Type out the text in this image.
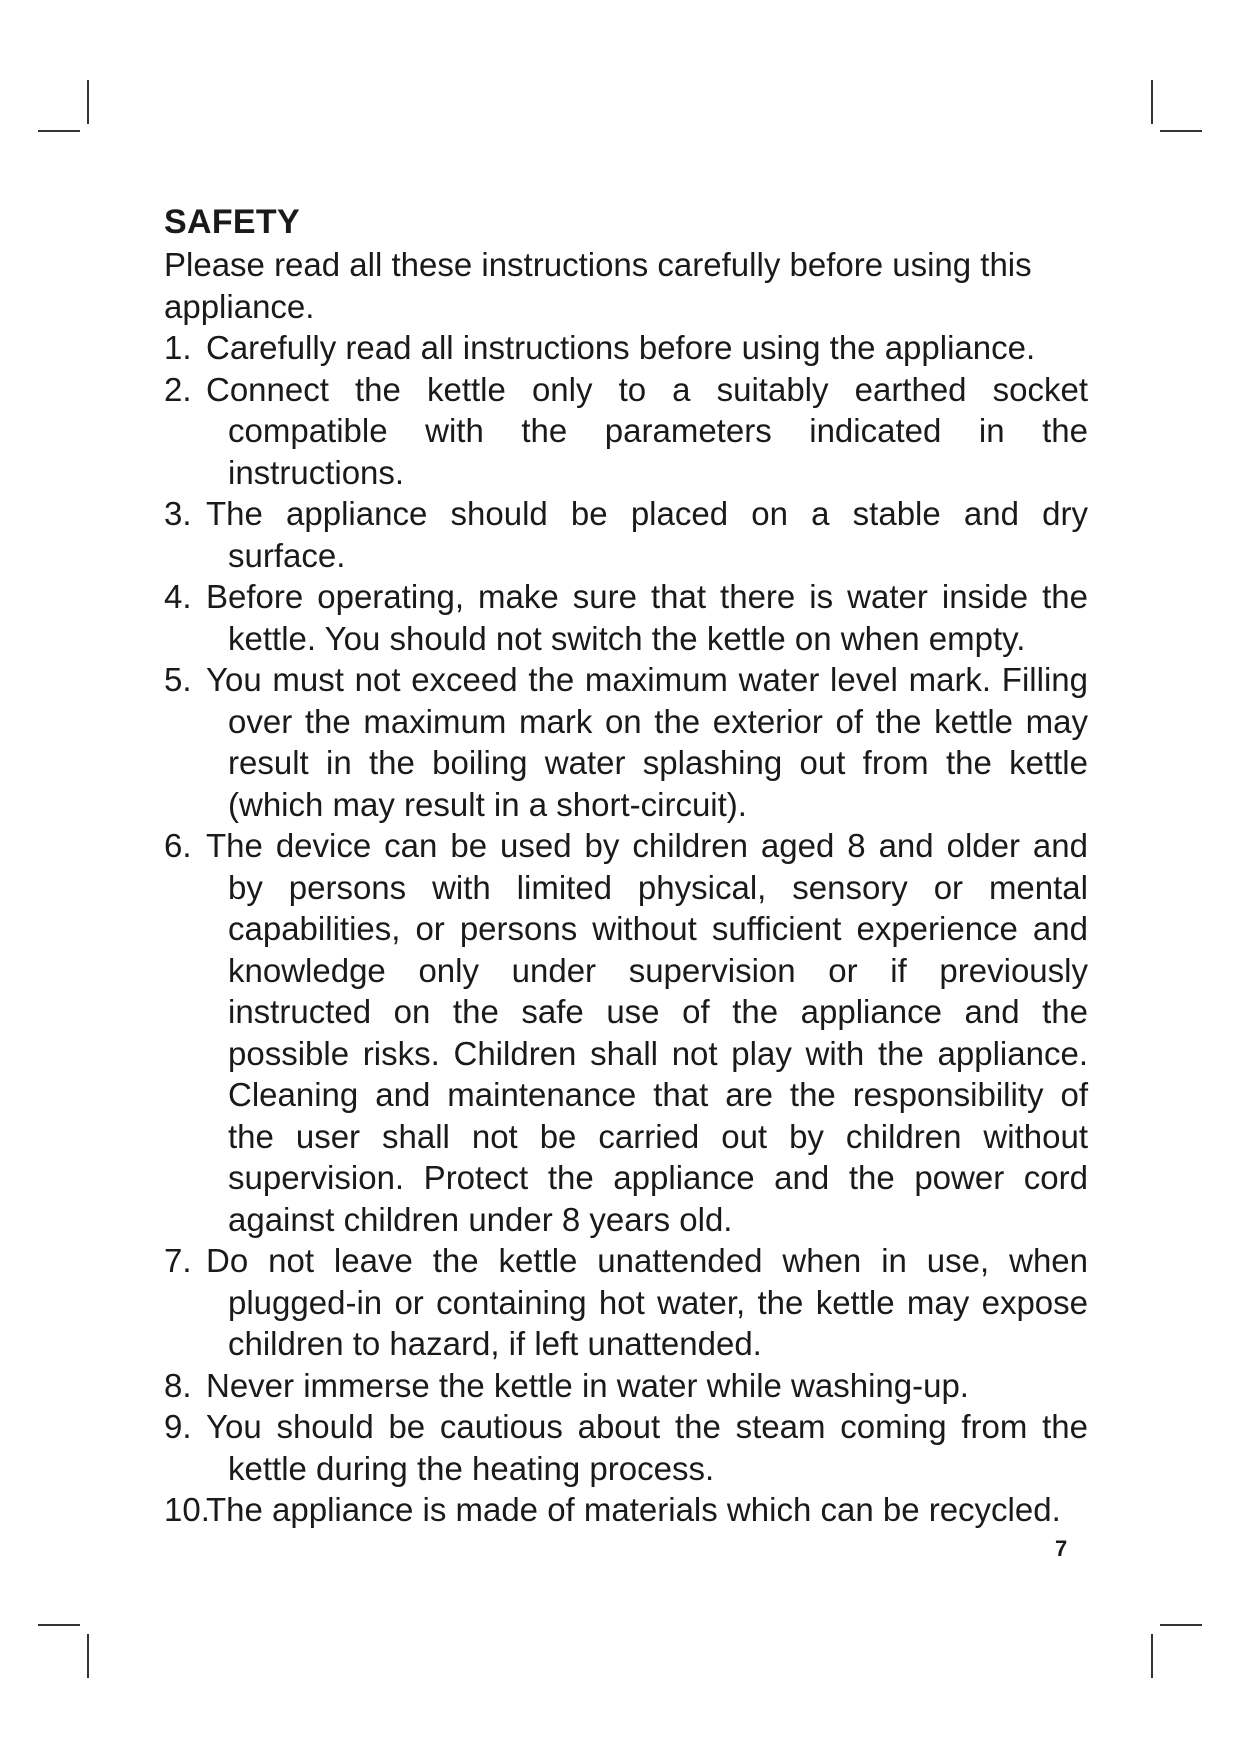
SAFETY

Please read all these instructions carefully before using this appliance.

1. Carefully read all instructions before using the appliance.
2. Connect the kettle only to a suitably earthed socket compatible with the parameters indicated in the instructions.
3. The appliance should be placed on a stable and dry surface.
4. Before operating, make sure that there is water inside the kettle. You should not switch the kettle on when empty.
5. You must not exceed the maximum water level mark. Filling over the maximum mark on the exterior of the kettle may result in the boiling water splashing out from the kettle (which may result in a short-circuit).
6. The device can be used by children aged 8 and older and by persons with limited physical, sensory or mental capabilities, or persons without sufficient experience and knowledge only under supervision or if previously instructed on the safe use of the appliance and the possible risks. Children shall not play with the appliance. Cleaning and maintenance that are the responsibility of the user shall not be carried out by children without supervision. Protect the appliance and the power cord against children under 8 years old.
7. Do not leave the kettle unattended when in use, when plugged-in or containing hot water, the kettle may expose children to hazard, if left unattended.
8. Never immerse the kettle in water while washing-up.
9. You should be cautious about the steam coming from the kettle during the heating process.
10.
The appliance is made of materials which can be recycled.
7
